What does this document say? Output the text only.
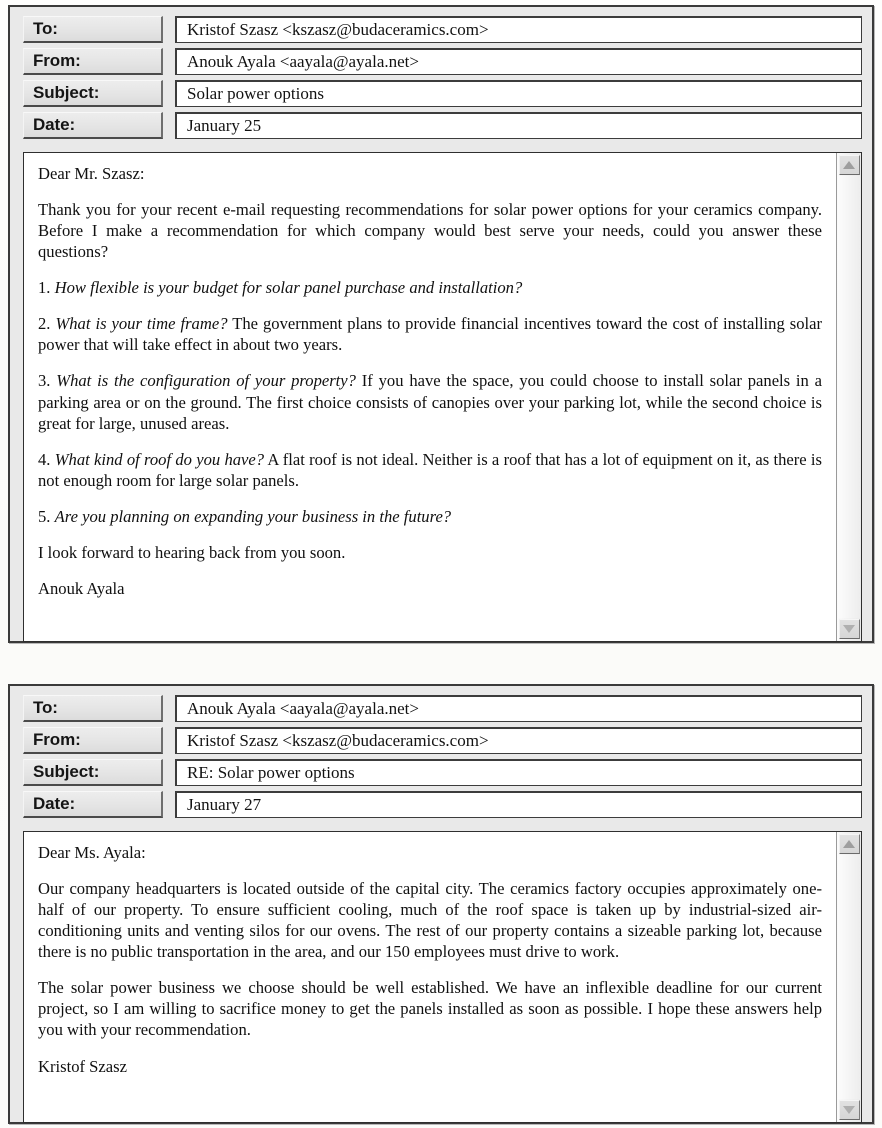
To:	Kristof Szasz <kszasz@budaceramics.com>
From:	Anouk Ayala <aayala@ayala.net>
Subject:	Solar power options
Date:	January 25

Dear Mr. Szasz:

Thank you for your recent e-mail requesting recommendations for solar power options for your ceramics company. Before I make a recommendation for which company would best serve your needs, could you answer these questions?

1. How flexible is your budget for solar panel purchase and installation?

2. What is your time frame? The government plans to provide financial incentives toward the cost of installing solar power that will take effect in about two years.

3. What is the configuration of your property? If you have the space, you could choose to install solar panels in a parking area or on the ground. The first choice consists of canopies over your parking lot, while the second choice is great for large, unused areas.

4. What kind of roof do you have? A flat roof is not ideal. Neither is a roof that has a lot of equipment on it, as there is not enough room for large solar panels.

5. Are you planning on expanding your business in the future?

I look forward to hearing back from you soon.

Anouk Ayala

To:	Anouk Ayala <aayala@ayala.net>
From:	Kristof Szasz <kszasz@budaceramics.com>
Subject:	RE: Solar power options
Date:	January 27

Dear Ms. Ayala:

Our company headquarters is located outside of the capital city. The ceramics factory occupies approximately one-half of our property. To ensure sufficient cooling, much of the roof space is taken up by industrial-sized air-conditioning units and venting silos for our ovens. The rest of our property contains a sizeable parking lot, because there is no public transportation in the area, and our 150 employees must drive to work.

The solar power business we choose should be well established. We have an inflexible deadline for our current project, so I am willing to sacrifice money to get the panels installed as soon as possible. I hope these answers help you with your recommendation.

Kristof Szasz
